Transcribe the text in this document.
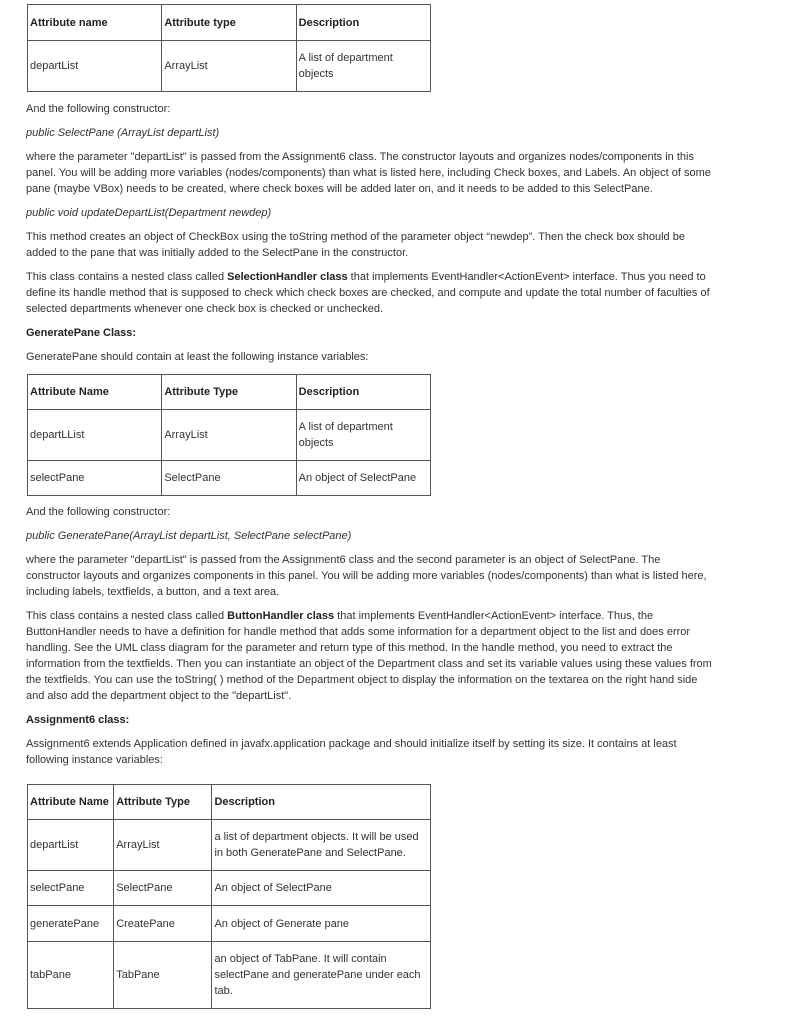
Attribute name	Attribute type	Description
departList	ArrayList	A list of department objects

And the following constructor:

public SelectPane (ArrayList departList)

where the parameter "departList" is passed from the Assignment6 class. The constructor layouts and organizes nodes/components in this panel. You will be adding more variables (nodes/components) than what is listed here, including Check boxes, and Labels. An object of some pane (maybe VBox) needs to be created, where check boxes will be added later on, and it needs to be added to this SelectPane.

public void updateDepartList(Department newdep)

This method creates an object of CheckBox using the toString method of the parameter object “newdep”. Then the check box should be added to the pane that was initially added to the SelectPane in the constructor.

This class contains a nested class called SelectionHandler class that implements EventHandler<ActionEvent> interface. Thus you need to define its handle method that is supposed to check which check boxes are checked, and compute and update the total number of faculties of selected departments whenever one check box is checked or unchecked.

GeneratePane Class:

GeneratePane should contain at least the following instance variables:

Attribute Name	Attribute Type	Description
departLList	ArrayList	A list of department objects
selectPane	SelectPane	An object of SelectPane

And the following constructor:

public GeneratePane(ArrayList departList, SelectPane selectPane)

where the parameter "departList" is passed from the Assignment6 class and the second parameter is an object of SelectPane. The constructor layouts and organizes components in this panel. You will be adding more variables (nodes/components) than what is listed here, including labels, textfields, a button, and a text area.

This class contains a nested class called ButtonHandler class that implements EventHandler<ActionEvent> interface. Thus, the ButtonHandler needs to have a definition for handle method that adds some information for a department object to the list and does error handling. See the UML class diagram for the parameter and return type of this method. In the handle method, you need to extract the information from the textfields. Then you can instantiate an object of the Department class and set its variable values using these values from the textfields. You can use the toString( ) method of the Department object to display the information on the textarea on the right hand side and also add the department object to the "departList".

Assignment6 class:

Assignment6 extends Application defined in javafx.application package and should initialize itself by setting its size. It contains at least following instance variables:

Attribute Name	Attribute Type	Description
departList	ArrayList	a list of department objects. It will be used in both GeneratePane and SelectPane.
selectPane	SelectPane	An object of SelectPane
generatePane	CreatePane	An object of Generate pane
tabPane	TabPane	an object of TabPane. It will contain selectPane and generatePane under each tab.
